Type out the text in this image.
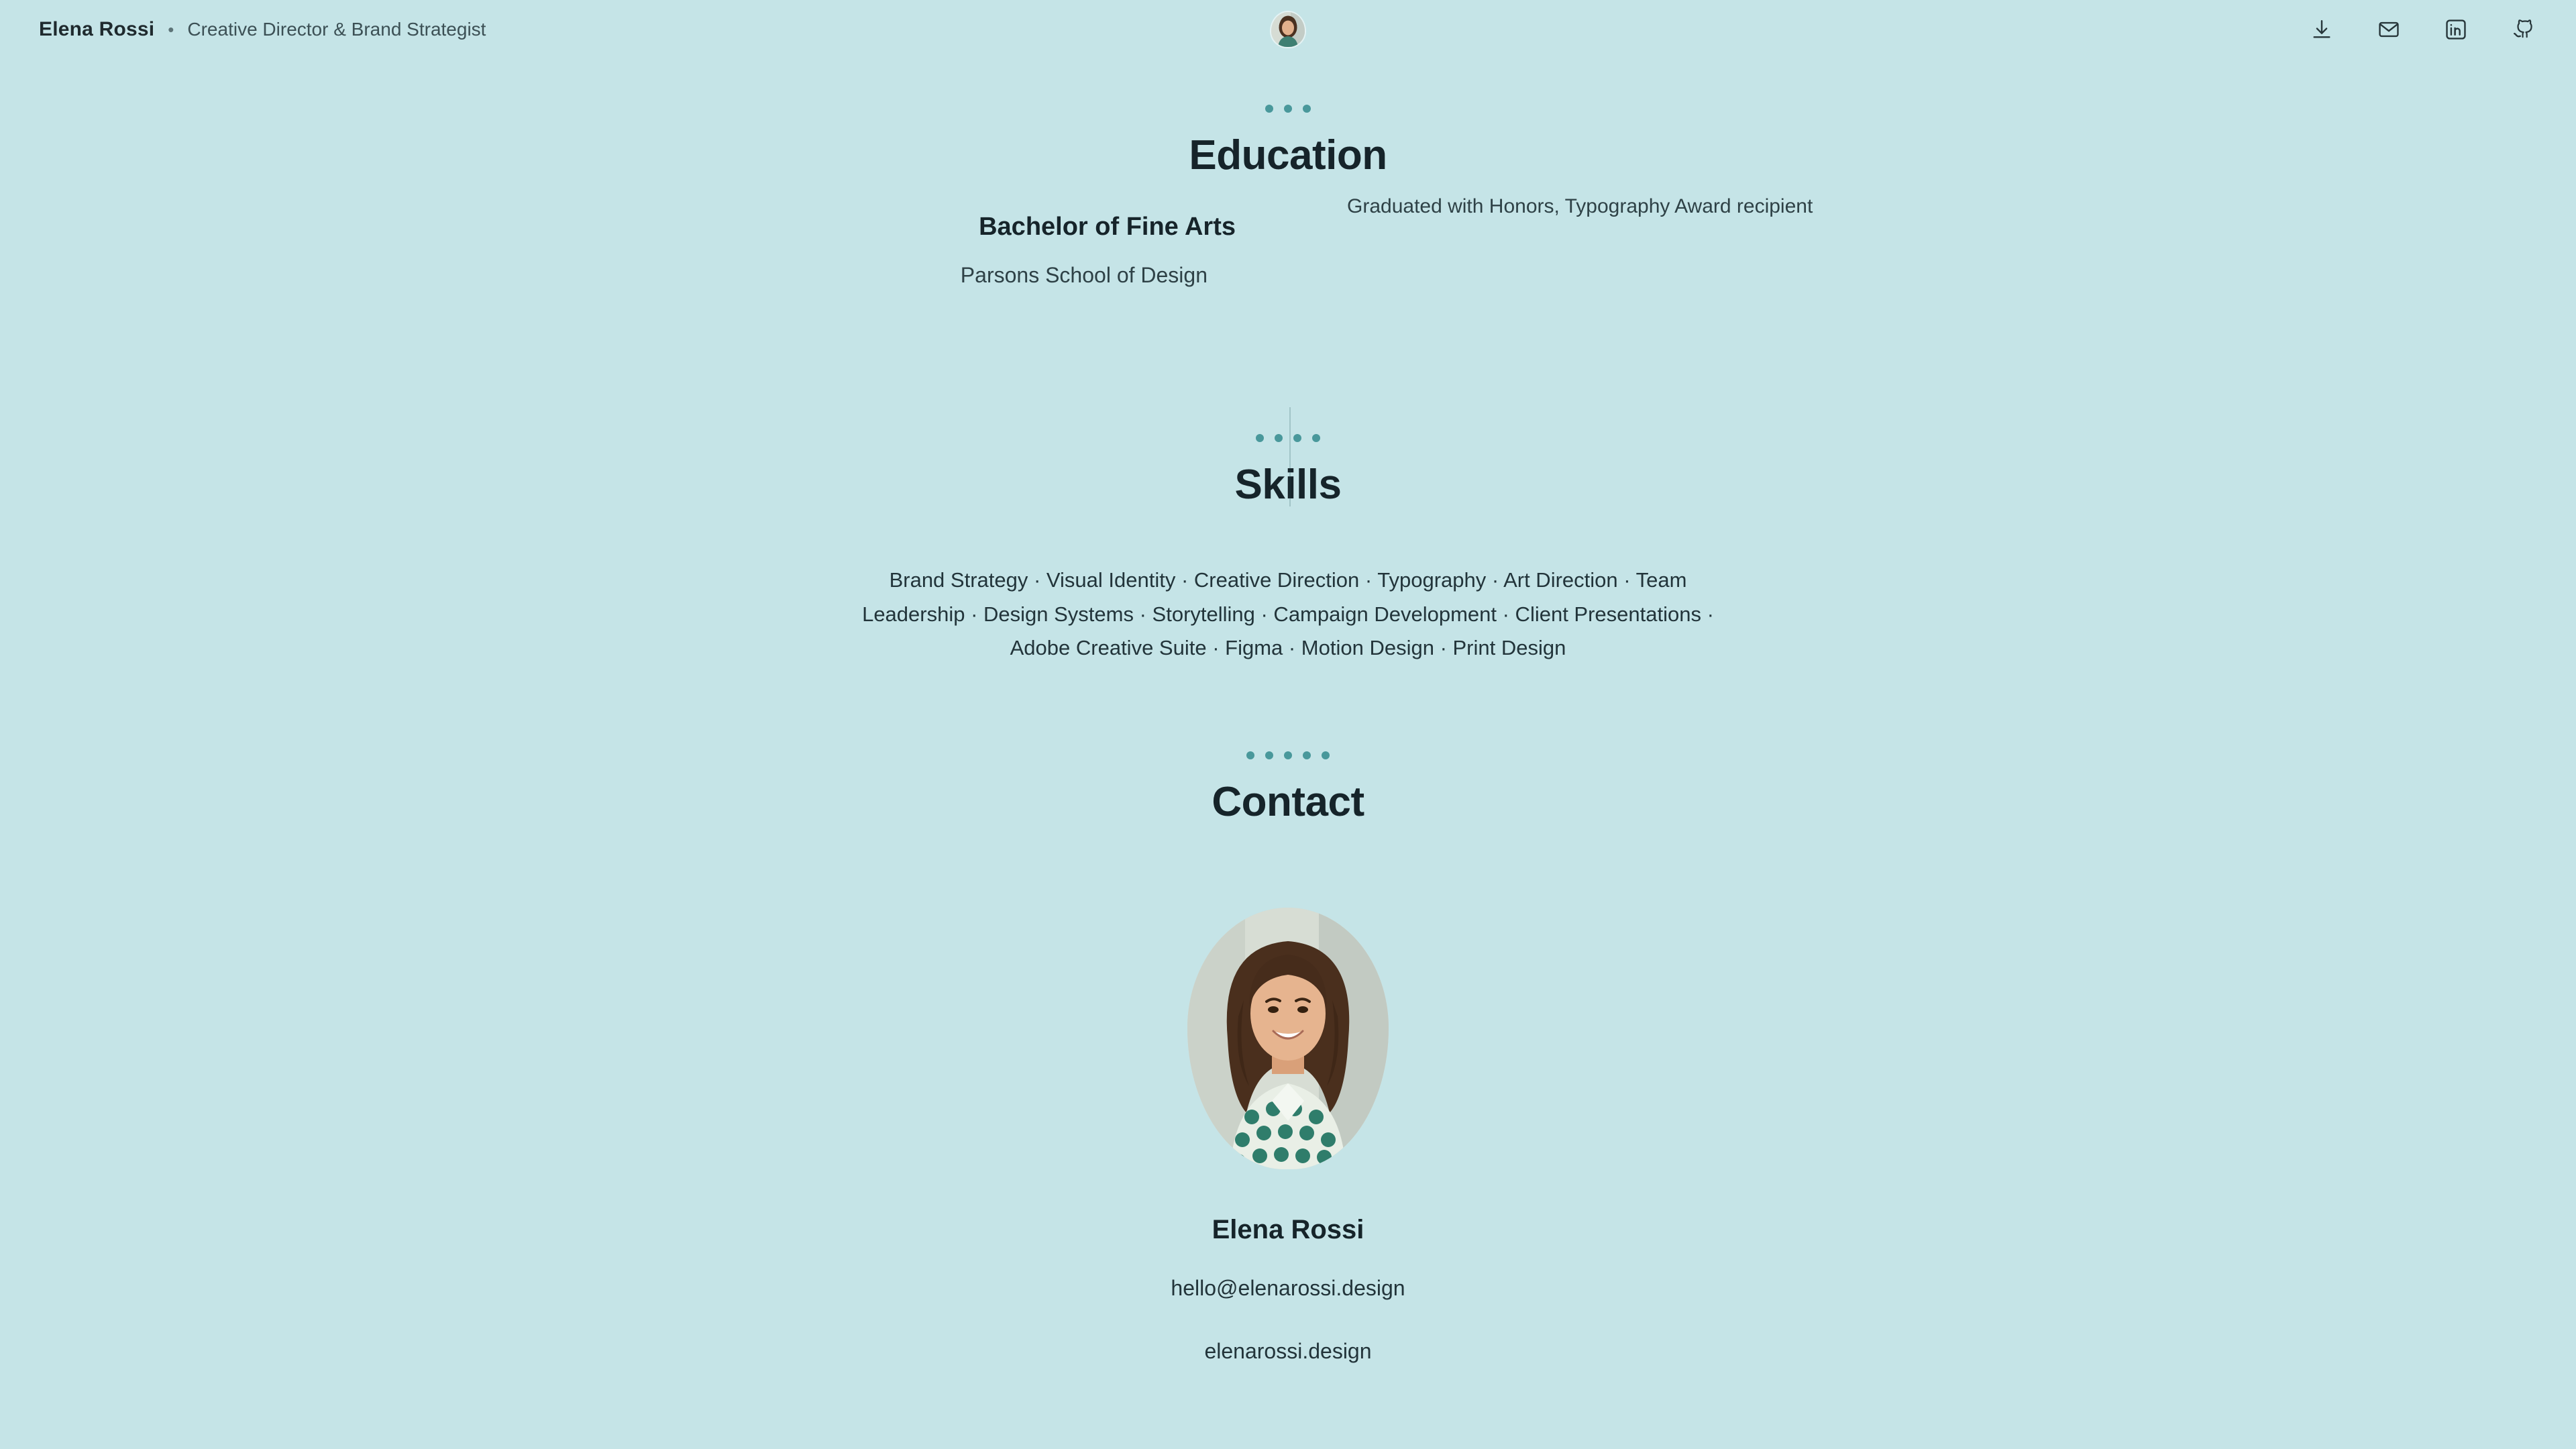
Elena Rossi • Creative Director & Brand Strategist
Education
Bachelor of Fine Arts
Parsons School of Design
Graduated with Honors, Typography Award recipient
Skills
Brand Strategy · Visual Identity · Creative Direction · Typography · Art Direction · Team Leadership · Design Systems · Storytelling · Campaign Development · Client Presentations · Adobe Creative Suite · Figma · Motion Design · Print Design
Contact
Elena Rossi
hello@elenarossi.design
elenarossi.design
